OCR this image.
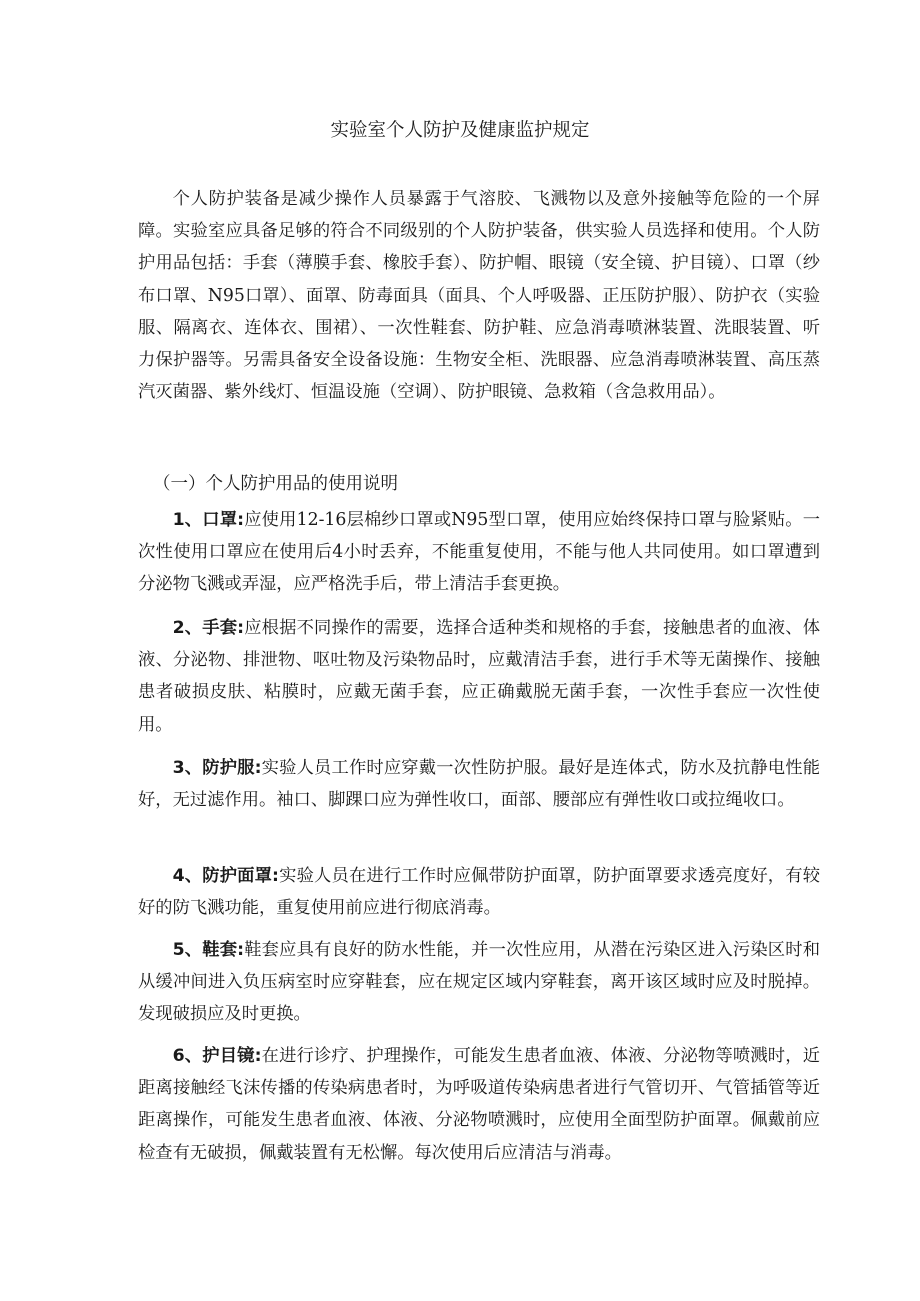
实验室个人防护及健康监护规定

个人防护装备是减少操作人员暴露于气溶胶、飞溅物以及意外接触等危险的一个屏障。实验室应具备足够的符合不同级别的个人防护装备，供实验人员选择和使用。个人防护用品包括：手套（薄膜手套、橡胶手套）、防护帽、眼镜（安全镜、护目镜）、口罩（纱布口罩、N95口罩）、面罩、防毒面具（面具、个人呼吸器、正压防护服）、防护衣（实验服、隔离衣、连体衣、围裙）、一次性鞋套、防护鞋、应急消毒喷淋装置、洗眼装置、听力保护器等。另需具备安全设备设施：生物安全柜、洗眼器、应急消毒喷淋装置、高压蒸汽灭菌器、紫外线灯、恒温设施（空调）、防护眼镜、急救箱（含急救用品）。

（一）个人防护用品的使用说明

1、口罩:应使用12-16层棉纱口罩或N95型口罩，使用应始终保持口罩与脸紧贴。一次性使用口罩应在使用后4小时丢弃，不能重复使用，不能与他人共同使用。如口罩遭到分泌物飞溅或弄湿，应严格洗手后，带上清洁手套更换。

2、手套:应根据不同操作的需要，选择合适种类和规格的手套，接触患者的血液、体液、分泌物、排泄物、呕吐物及污染物品时，应戴清洁手套，进行手术等无菌操作、接触患者破损皮肤、粘膜时，应戴无菌手套，应正确戴脱无菌手套，一次性手套应一次性使用。

3、防护服:实验人员工作时应穿戴一次性防护服。最好是连体式，防水及抗静电性能好，无过滤作用。袖口、脚踝口应为弹性收口，面部、腰部应有弹性收口或拉绳收口。

4、防护面罩:实验人员在进行工作时应佩带防护面罩，防护面罩要求透亮度好，有较好的防飞溅功能，重复使用前应进行彻底消毒。

5、鞋套:鞋套应具有良好的防水性能，并一次性应用，从潜在污染区进入污染区时和从缓冲间进入负压病室时应穿鞋套，应在规定区域内穿鞋套，离开该区域时应及时脱掉。发现破损应及时更换。

6、护目镜:在进行诊疗、护理操作，可能发生患者血液、体液、分泌物等喷溅时，近距离接触经飞沫传播的传染病患者时，为呼吸道传染病患者进行气管切开、气管插管等近距离操作，可能发生患者血液、体液、分泌物喷溅时，应使用全面型防护面罩。佩戴前应检查有无破损，佩戴装置有无松懈。每次使用后应清洁与消毒。
